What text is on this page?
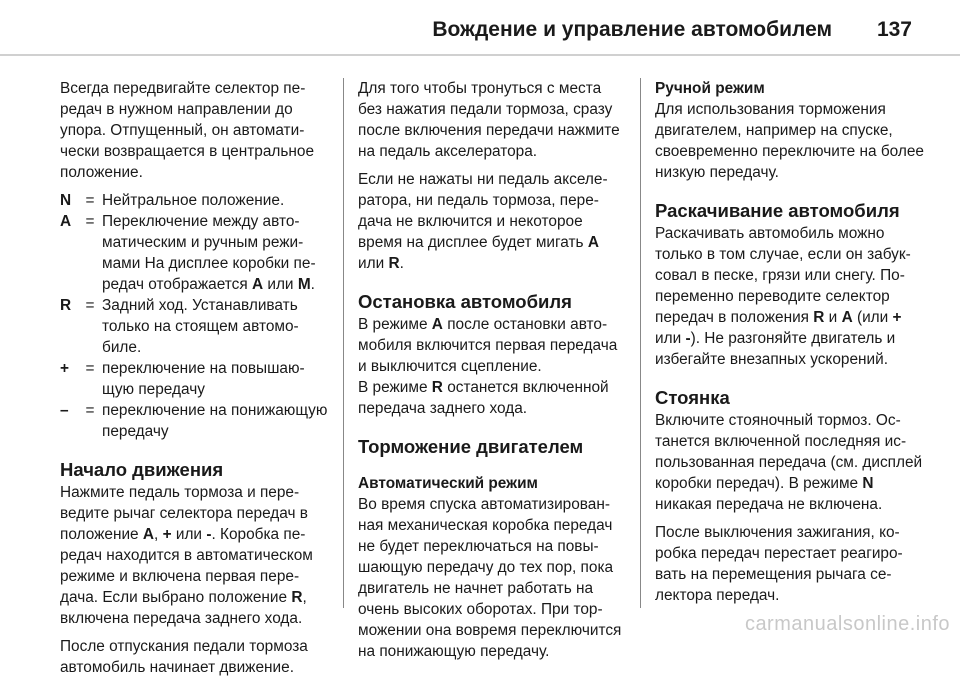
Вождение и управление автомобилем 137

Всегда передвигайте селектор передач в нужном направлении до упора. Отпущенный, он автоматически возвращается в центральное положение.

N = Нейтральное положение.
A = Переключение между автоматическим и ручным режимами На дисплее коробки передач отображается A или M.
R = Задний ход. Устанавливать только на стоящем автомобиле.
+	= переключение на повышающую передачу
–	= переключение на понижающую передачу
Начало движения

Нажмите педаль тормоза и переведите рычаг селектора передач в положение A, + или -. Коробка передач находится в автоматическом режиме и включена первая передача. Если выбрано положение R, включена передача заднего хода.

После отпускания педали тормоза автомобиль начинает движение.

Для того чтобы тронуться с места без нажатия педали тормоза, сразу после включения передачи нажмите на педаль акселератора.

Если не нажаты ни педаль акселератора, ни педаль тормоза, передача не включится и некоторое время на дисплее будет мигать A или R.

Остановка автомобиля

В режиме A после остановки автомобиля включится первая передача и выключится сцепление.

В режиме R останется включенной передача заднего хода.

Торможение двигателем
Автоматический режим

Во время спуска автоматизированная механическая коробка передач не будет переключаться на повышающую передачу до тех пор, пока двигатель не начнет работать на очень высоких оборотах. При торможении она вовремя переключится на понижающую передачу.

Ручной режим

Для использования торможения двигателем, например на спуске, своевременно переключите на более низкую передачу.

Раскачивание автомобиля

Раскачивать автомобиль можно только в том случае, если он забуксовал в песке, грязи или снегу. Попеременно переводите селектор передач в положения R и A (или + или -). Не разгоняйте двигатель и избегайте внезапных ускорений.

Стоянка

Включите стояночный тормоз. Останется включенной последняя использованная передача (см. дисплей коробки передач). В режиме N никакая передача не включена.

После выключения зажигания, коробка передач перестает реагировать на перемещения рычага селектора передач.

carmanualsonline.info
